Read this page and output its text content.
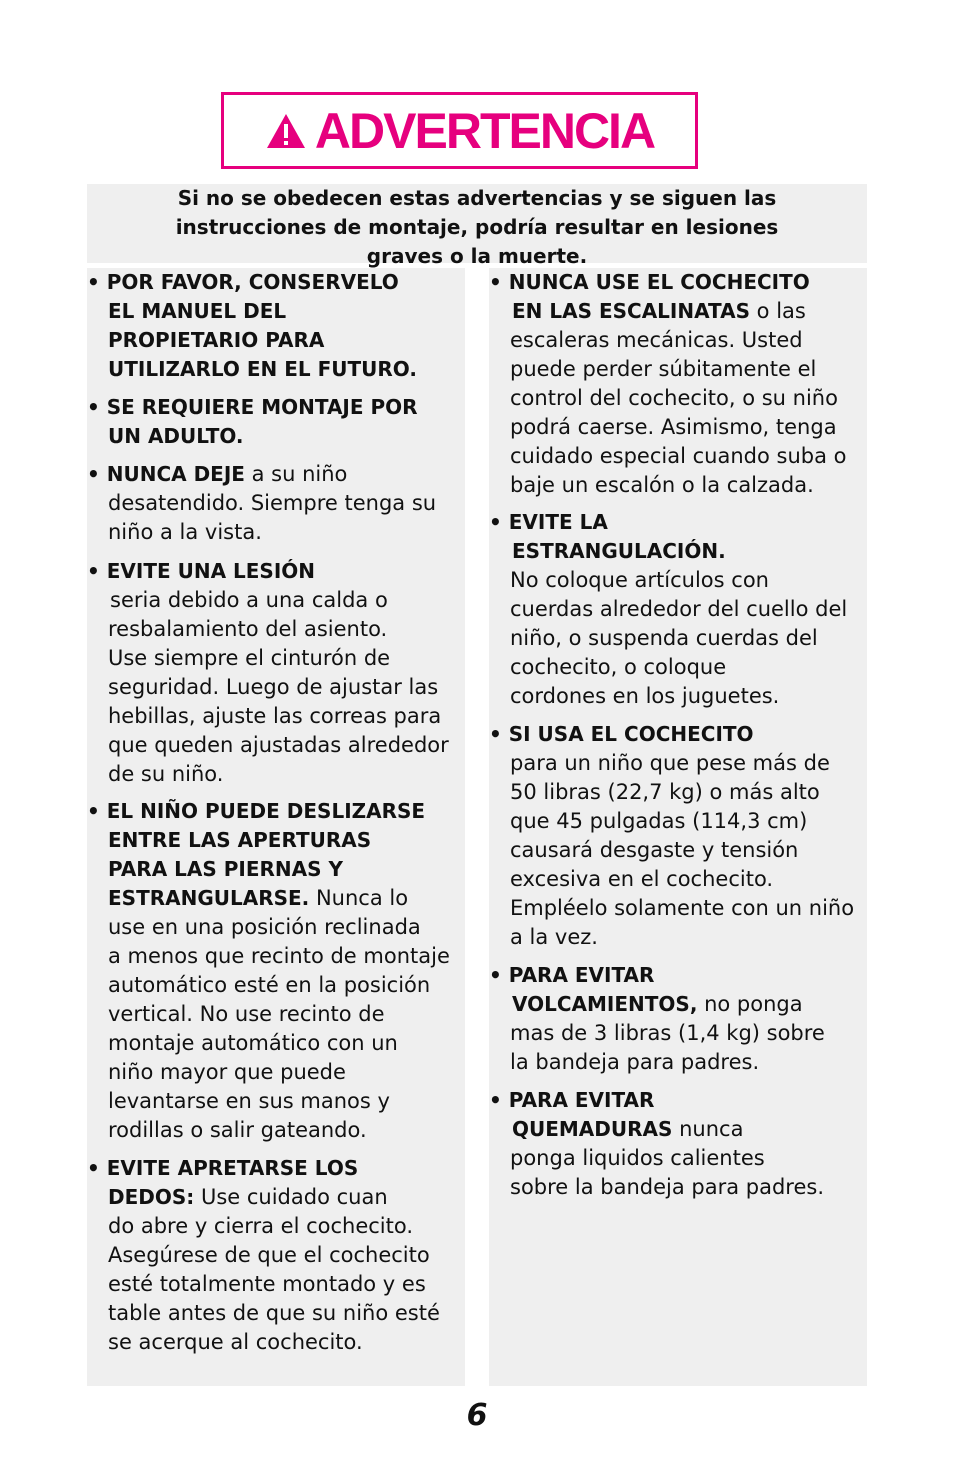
ADVERTENCIA
Si no se obedecen estas advertencias y se siguen las
instrucciones de montaje, podría resultar en lesiones
graves o la muerte.
• POR FAVOR, CONSERVELO
EL MANUEL DEL
PROPIETARIO PARA
UTILIZARLO EN EL FUTURO.
• SE REQUIERE MONTAJE POR
UN ADULTO.
• NUNCA DEJE a su niño
desatendido. Siempre tenga su
niño a la vista.
• EVITE UNA LESIÓN
seria debido a una calda o
resbalamiento del asiento.
Use siempre el cinturón de
seguridad. Luego de ajustar las
hebillas, ajuste las correas para
que queden ajustadas alrededor
de su niño.
• EL NIÑO PUEDE DESLIZARSE
ENTRE LAS APERTURAS
PARA LAS PIERNAS Y
ESTRANGULARSE. Nunca lo
use en una posición reclinada
a menos que recinto de montaje
automático esté en la posición
vertical. No use recinto de
montaje automático con un
niño mayor que puede
levantarse en sus manos y
rodillas o salir gateando.
• EVITE APRETARSE LOS
DEDOS: Use cuidado cuan
do abre y cierra el cochecito.
Asegúrese de que el cochecito
esté totalmente montado y es
table antes de que su niño esté
se acerque al cochecito.
• NUNCA USE EL COCHECITO
EN LAS ESCALINATAS o las
escaleras mecánicas. Usted
puede perder súbitamente el
control del cochecito, o su niño
podrá caerse. Asimismo, tenga
cuidado especial cuando suba o
baje un escalón o la calzada.
• EVITE LA
ESTRANGULACIÓN.
No coloque artículos con
cuerdas alrededor del cuello del
niño, o suspenda cuerdas del
cochecito, o coloque
cordones en los juguetes.
• SI USA EL COCHECITO
para un niño que pese más de
50 libras (22,7 kg) o más alto
que 45 pulgadas (114,3 cm)
causará desgaste y tensión
excesiva en el cochecito.
Empléelo solamente con un niño
a la vez.
• PARA EVITAR
VOLCAMIENTOS, no ponga
mas de 3 libras (1,4 kg) sobre
la bandeja para padres.
• PARA EVITAR
QUEMADURAS nunca
ponga liquidos calientes
sobre la bandeja para padres.
6
